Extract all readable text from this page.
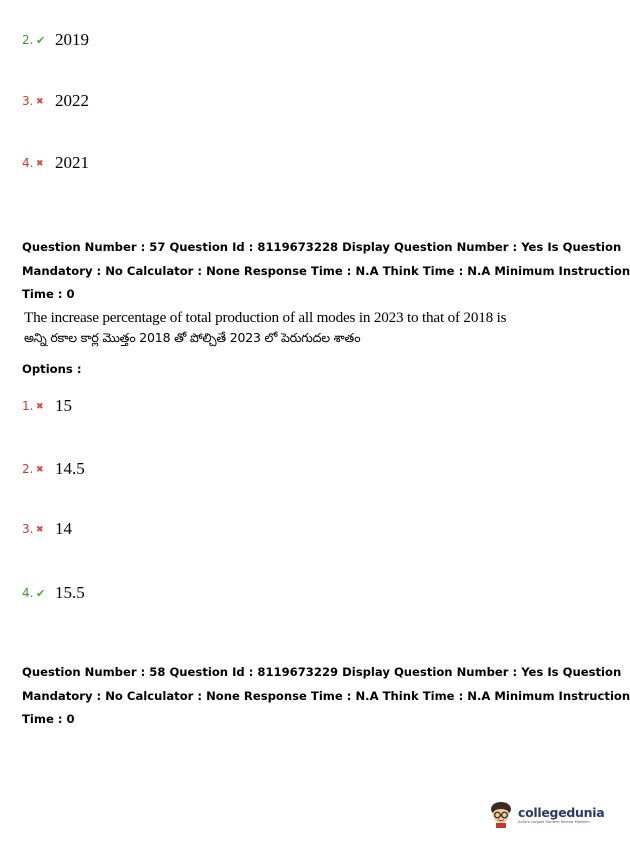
2. ✔ 2019
3. ✖ 2022
4. ✖ 2021
Question Number : 57 Question Id : 8119673228 Display Question Number : Yes Is Question
Mandatory : No Calculator : None Response Time : N.A Think Time : N.A Minimum Instruction
Time : 0
The increase percentage of total production of all modes in 2023 to that of 2018 is
అన్ని రకాల కార్ల మొత్తం 2018 తో పోల్చితే 2023 లో పెరుగుదల శాతం
Options :
1. ✖ 15
2. ✖ 14.5
3. ✖ 14
4. ✔ 15.5
Question Number : 58 Question Id : 8119673229 Display Question Number : Yes Is Question
Mandatory : No Calculator : None Response Time : N.A Think Time : N.A Minimum Instruction
Time : 0
collegedunia
India's Largest Student Review Platform
